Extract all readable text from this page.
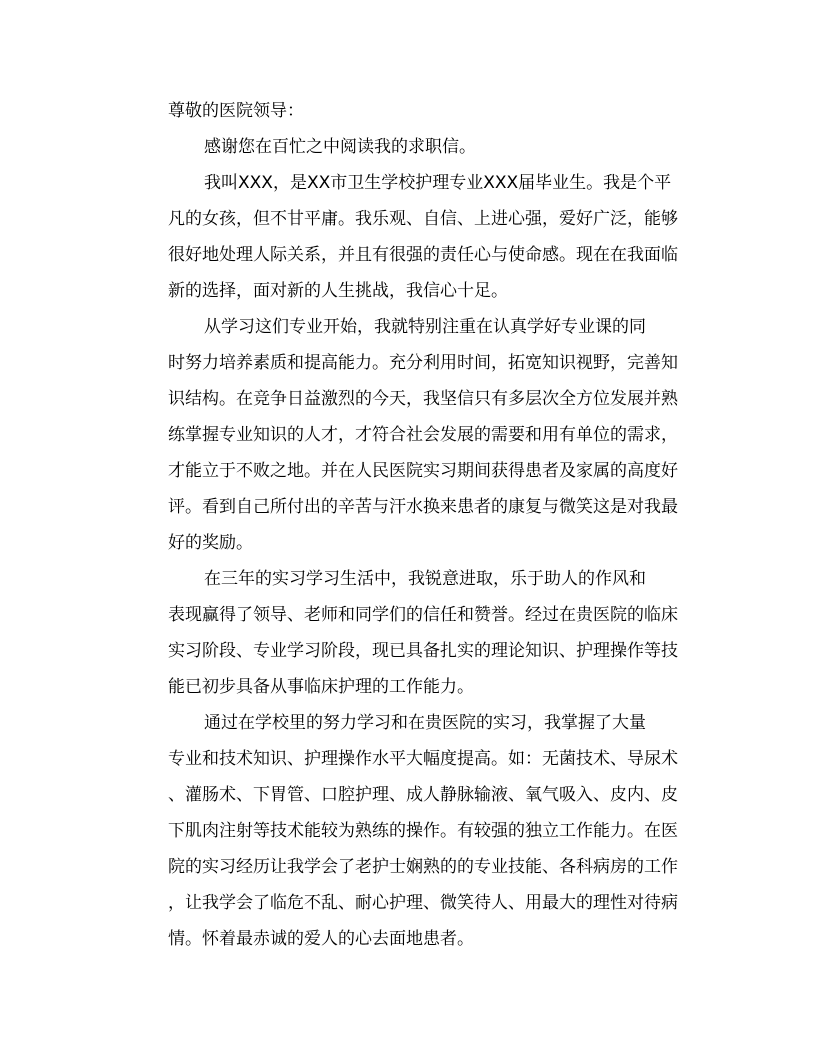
尊敬的医院领导：

感谢您在百忙之中阅读我的求职信。

我叫XXX，是XX市卫生学校护理专业XXX届毕业生。我是个平

凡的女孩，但不甘平庸。我乐观、自信、上进心强，爱好广泛，能够

很好地处理人际关系，并且有很强的责任心与使命感。现在在我面临

新的选择，面对新的人生挑战，我信心十足。

从学习这们专业开始，我就特别注重在认真学好专业课的同

时努力培养素质和提高能力。充分利用时间，拓宽知识视野，完善知

识结构。在竞争日益激烈的今天，我坚信只有多层次全方位发展并熟

练掌握专业知识的人才，才符合社会发展的需要和用有单位的需求，

才能立于不败之地。并在人民医院实习期间获得患者及家属的高度好

评。看到自己所付出的辛苦与汗水换来患者的康复与微笑这是对我最

好的奖励。

在三年的实习学习生活中，我锐意进取，乐于助人的作风和

表现赢得了领导、老师和同学们的信任和赞誉。经过在贵医院的临床

实习阶段、专业学习阶段，现已具备扎实的理论知识、护理操作等技

能已初步具备从事临床护理的工作能力。

通过在学校里的努力学习和在贵医院的实习，我掌握了大量

专业和技术知识、护理操作水平大幅度提高。如：无菌技术、导尿术

、灌肠术、下胃管、口腔护理、成人静脉输液、氧气吸入、皮内、皮

下肌肉注射等技术能较为熟练的操作。有较强的独立工作能力。在医

院的实习经历让我学会了老护士娴熟的的专业技能、各科病房的工作

，让我学会了临危不乱、耐心护理、微笑待人、用最大的理性对待病

情。怀着最赤诚的爱人的心去面地患者。
